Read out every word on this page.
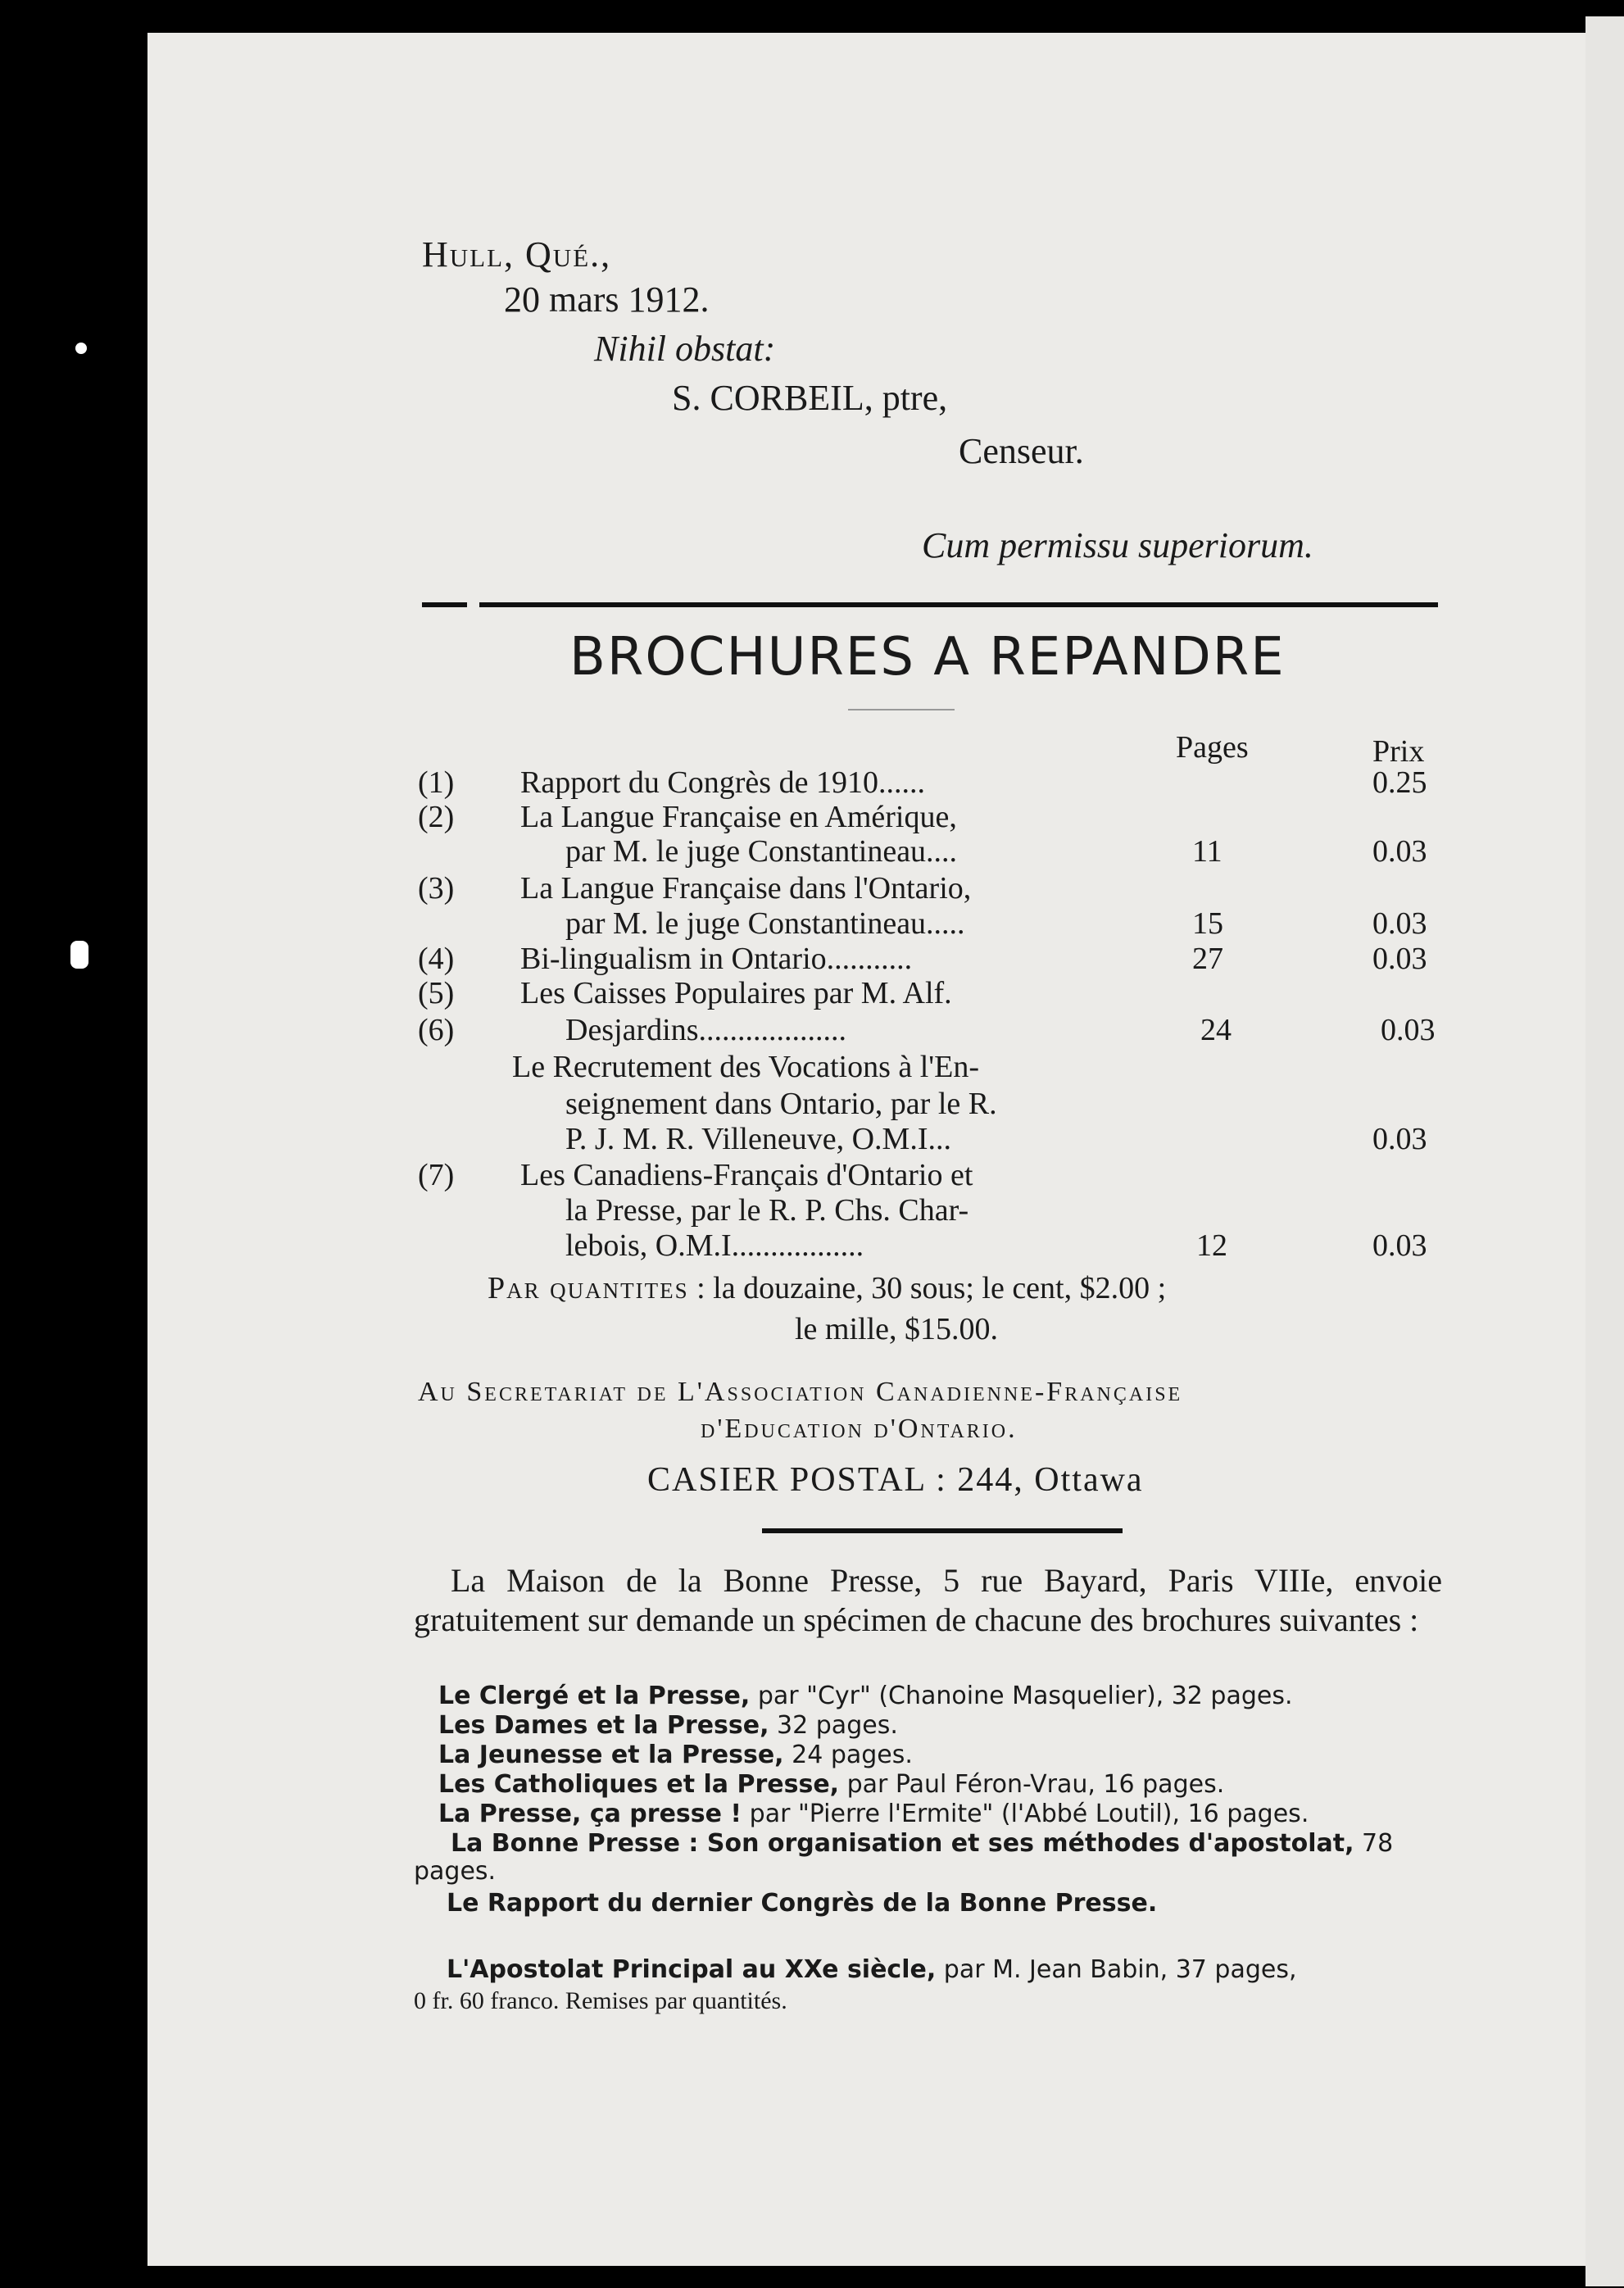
Hull, Qué.,
20 mars 1912.
Nihil obstat:
S. CORBEIL, ptre,
Censeur.
Cum permissu superiorum.
BROCHURES A REPANDRE
Pages	Prix
(1) Rapport du Congrès de 1910......	0.25
(2) La Langue Française en Amérique,
par M. le juge Constantineau....	11	0.03
(3) La Langue Française dans l'Ontario,
par M. le juge Constantineau.....	15	0.03
(4) Bi-lingualism in Ontario...........	27	0.03
(5) Les Caisses Populaires par M. Alf.
(6)	Desjardins...................	24	0.03
Le Recrutement des Vocations à l'En-
seignement dans Ontario, par le R.
P. J. M. R. Villeneuve, O.M.I...	0.03
(7) Les Canadiens-Français d'Ontario et
la Presse, par le R. P. Chs. Char-
lebois, O.M.I.................	12	0.03
Par quantites : la douzaine, 30 sous; le cent, $2.00 ;
le mille, $15.00.
Au Secretariat de L'Association Canadienne-Française
d'Education d'Ontario.
CASIER POSTAL : 244, Ottawa
La Maison de la Bonne Presse, 5 rue Bayard, Paris VIIIe, envoie gratuitement sur demande un spécimen de chacune des brochures suivantes :
Le Clergé et la Presse, par "Cyr" (Chanoine Masquelier), 32 pages.
Les Dames et la Presse, 32 pages.
La Jeunesse et la Presse, 24 pages.
Les Catholiques et la Presse, par Paul Féron-Vrau, 16 pages.
La Presse, ça presse ! par "Pierre l'Ermite" (l'Abbé Loutil), 16 pages.
La Bonne Presse : Son organisation et ses méthodes d'apostolat, 78
pages.
Le Rapport du dernier Congrès de la Bonne Presse.
L'Apostolat Principal au XXe siècle, par M. Jean Babin, 37 pages,
0 fr. 60 franco. Remises par quantités.
